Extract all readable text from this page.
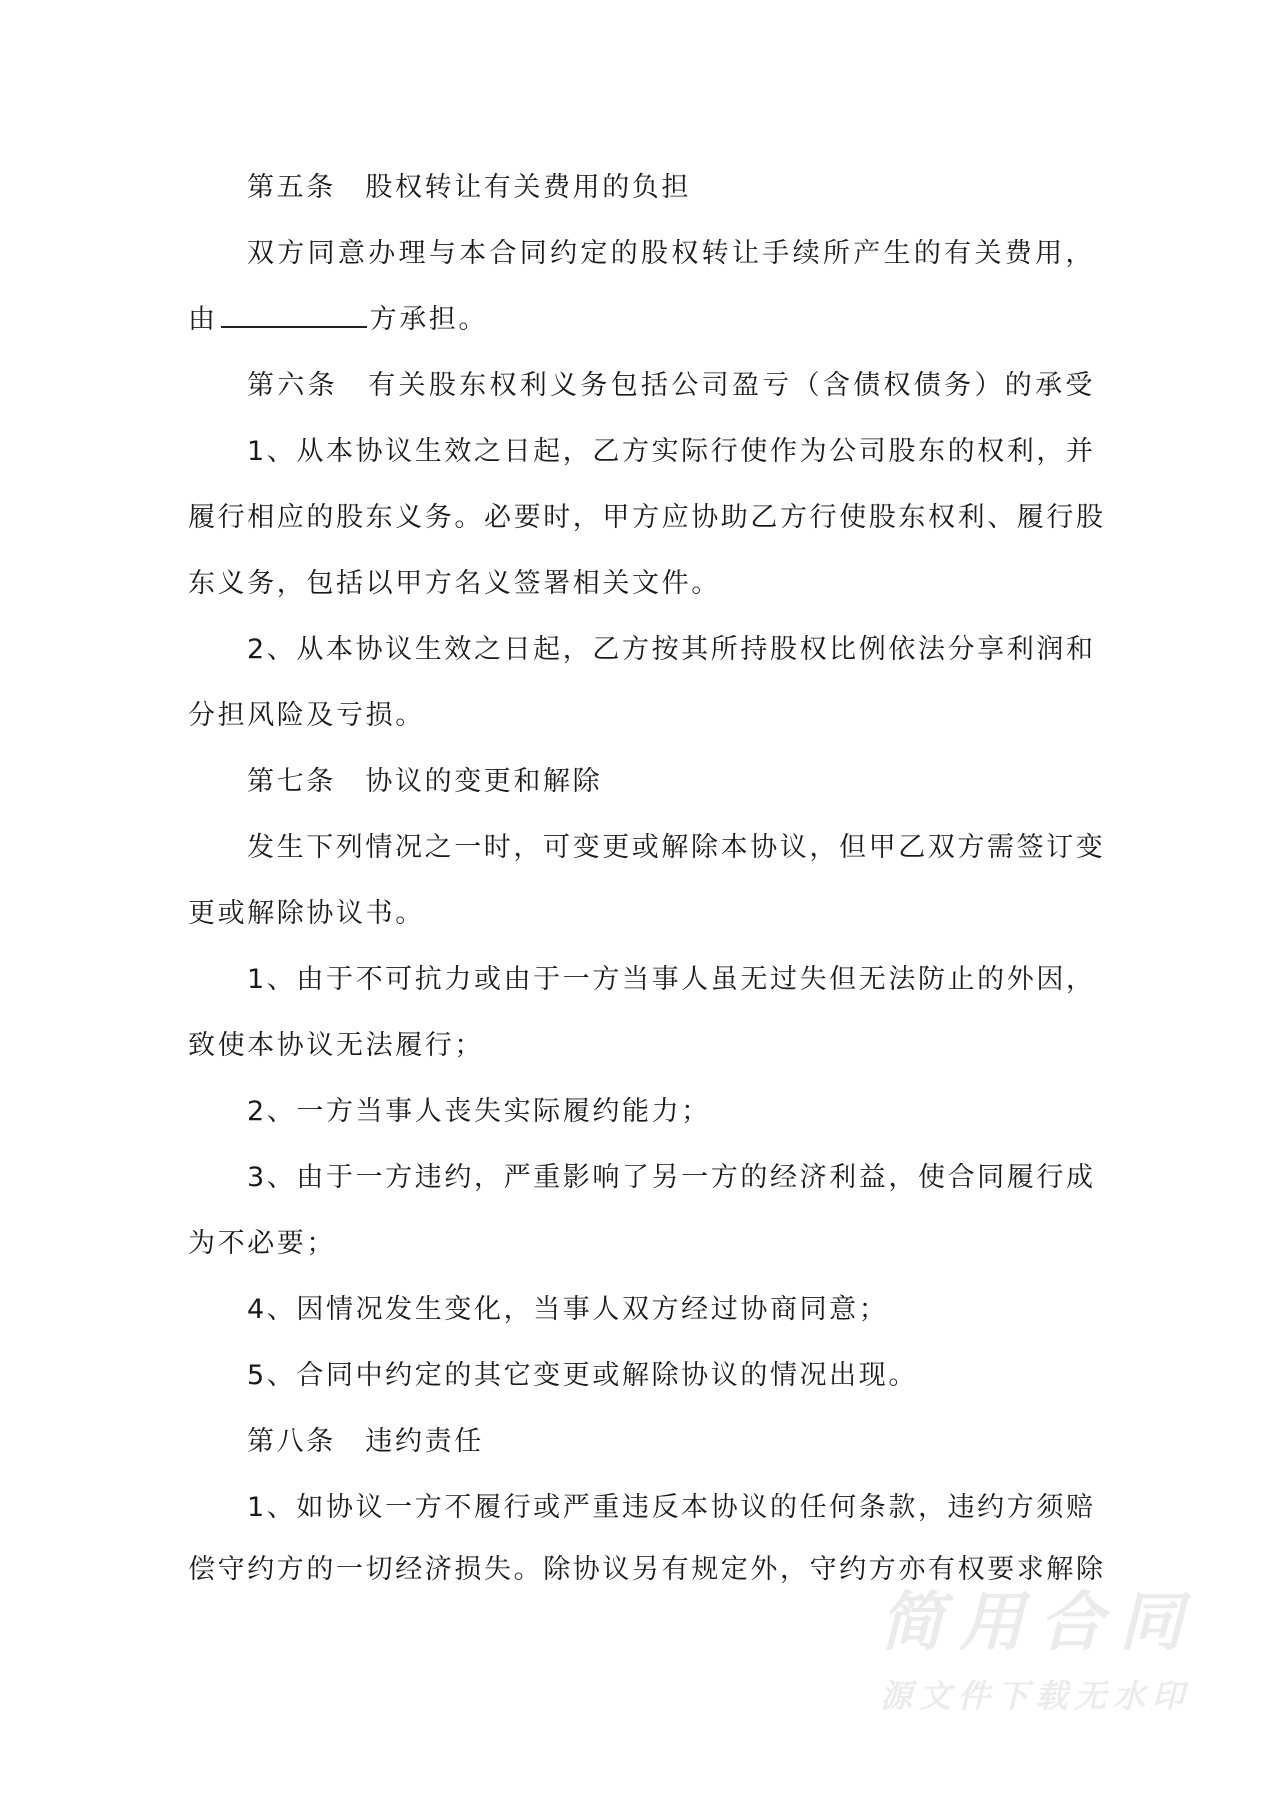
第五条　股权转让有关费用的负担
双方同意办理与本合同约定的股权转让手续所产生的有关费用，
由	方承担。
第六条　有关股东权利义务包括公司盈亏（含债权债务）的承受
1、从本协议生效之日起，乙方实际行使作为公司股东的权利，并
履行相应的股东义务。必要时，甲方应协助乙方行使股东权利、履行股
东义务，包括以甲方名义签署相关文件。
2、从本协议生效之日起，乙方按其所持股权比例依法分享利润和
分担风险及亏损。
第七条　协议的变更和解除
发生下列情况之一时，可变更或解除本协议，但甲乙双方需签订变
更或解除协议书。
1、由于不可抗力或由于一方当事人虽无过失但无法防止的外因，
致使本协议无法履行；
2、一方当事人丧失实际履约能力；
3、由于一方违约，严重影响了另一方的经济利益，使合同履行成
为不必要；
4、因情况发生变化，当事人双方经过协商同意；
5、合同中约定的其它变更或解除协议的情况出现。
第八条　违约责任
1、如协议一方不履行或严重违反本协议的任何条款，违约方须赔
偿守约方的一切经济损失。除协议另有规定外，守约方亦有权要求解除
简用合同
源文件下载无水印
